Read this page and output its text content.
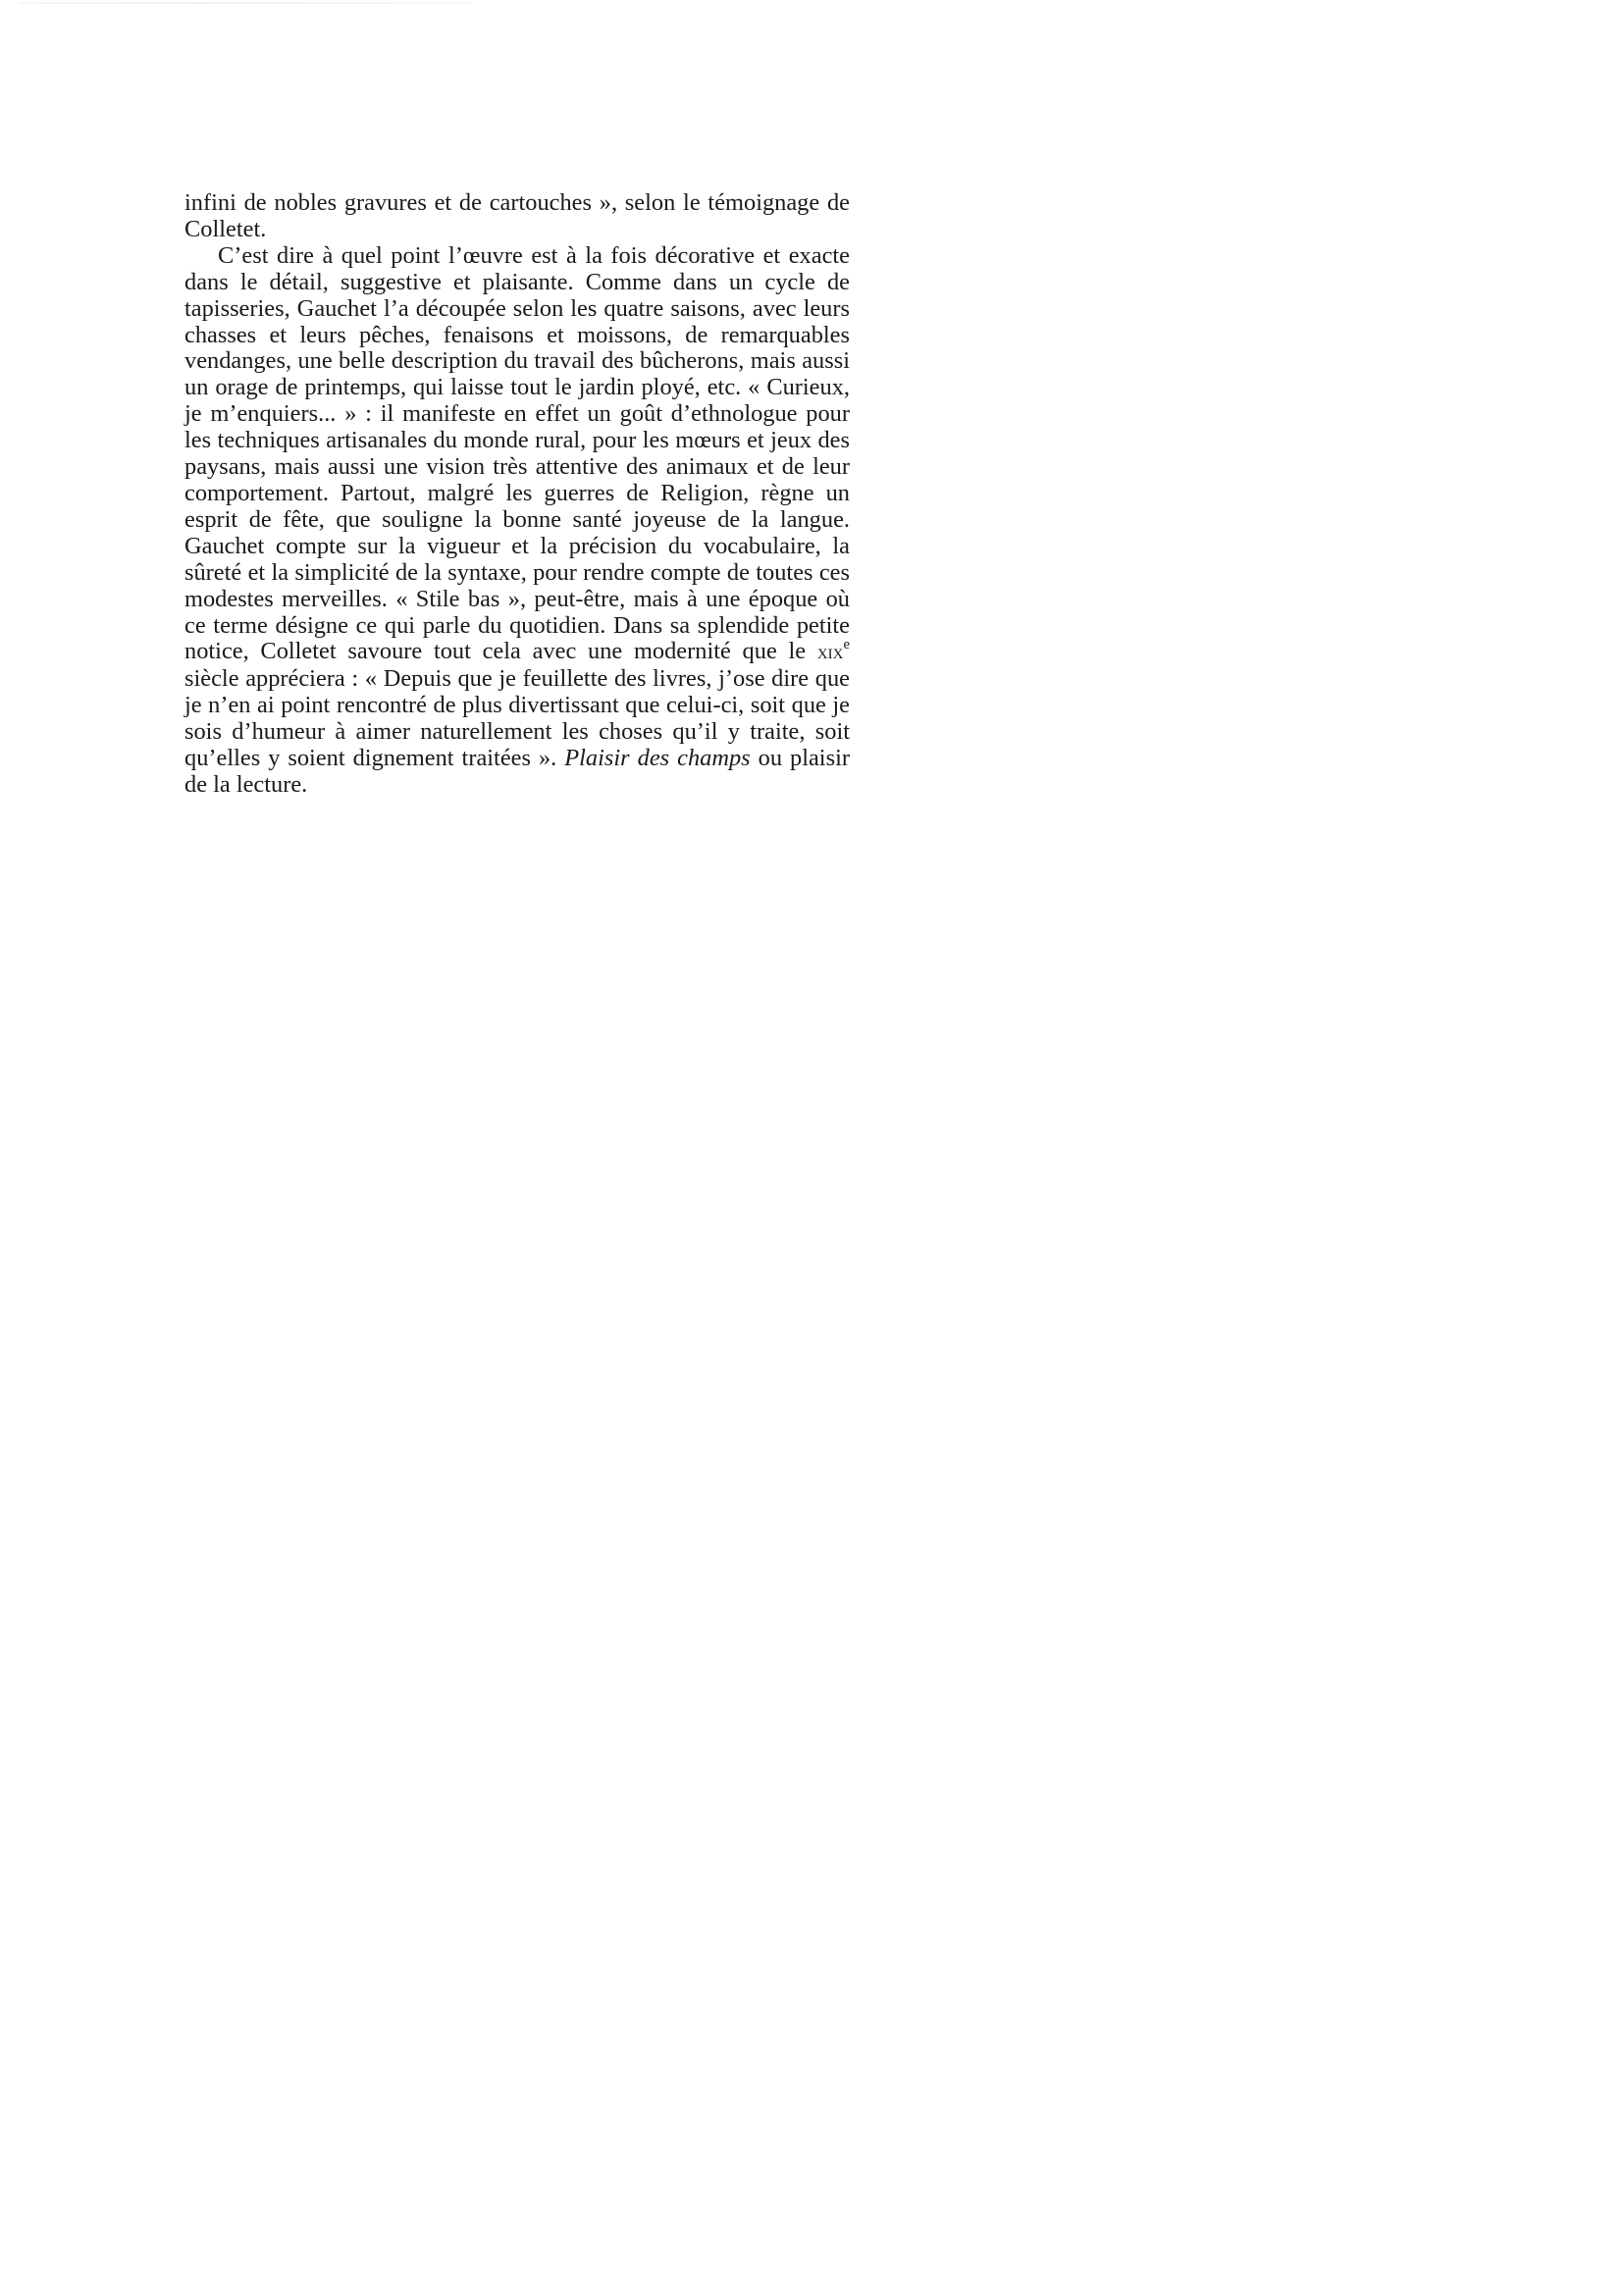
infini de nobles gravures et de cartouches », selon le témoignage de Colletet.

C’est dire à quel point l’œuvre est à la fois décorative et exacte dans le détail, suggestive et plaisante. Comme dans un cycle de tapisseries, Gauchet l’a découpée selon les quatre saisons, avec leurs chasses et leurs pêches, fenaisons et moissons, de remarquables vendanges, une belle description du travail des bûcherons, mais aussi un orage de printemps, qui laisse tout le jardin ployé, etc. « Curieux, je m’enquiers... » : il manifeste en effet un goût d’ethnologue pour les techniques artisanales du monde rural, pour les mœurs et jeux des paysans, mais aussi une vision très attentive des animaux et de leur comportement. Partout, malgré les guerres de Religion, règne un esprit de fête, que souligne la bonne santé joyeuse de la langue. Gauchet compte sur la vigueur et la précision du vocabulaire, la sûreté et la simplicité de la syntaxe, pour rendre compte de toutes ces modestes merveilles. « Stile bas », peut-être, mais à une époque où ce terme désigne ce qui parle du quotidien. Dans sa splendide petite notice, Colletet savoure tout cela avec une modernité que le xix$^e$ siècle appréciera : « Depuis que je feuillette des livres, j’ose dire que je n’en ai point rencontré de plus divertissant que celui-ci, soit que je sois d’humeur à aimer naturellement les choses qu’il y traite, soit qu’elles y soient dignement traitées ». Plaisir des champs ou plaisir de la lecture.
